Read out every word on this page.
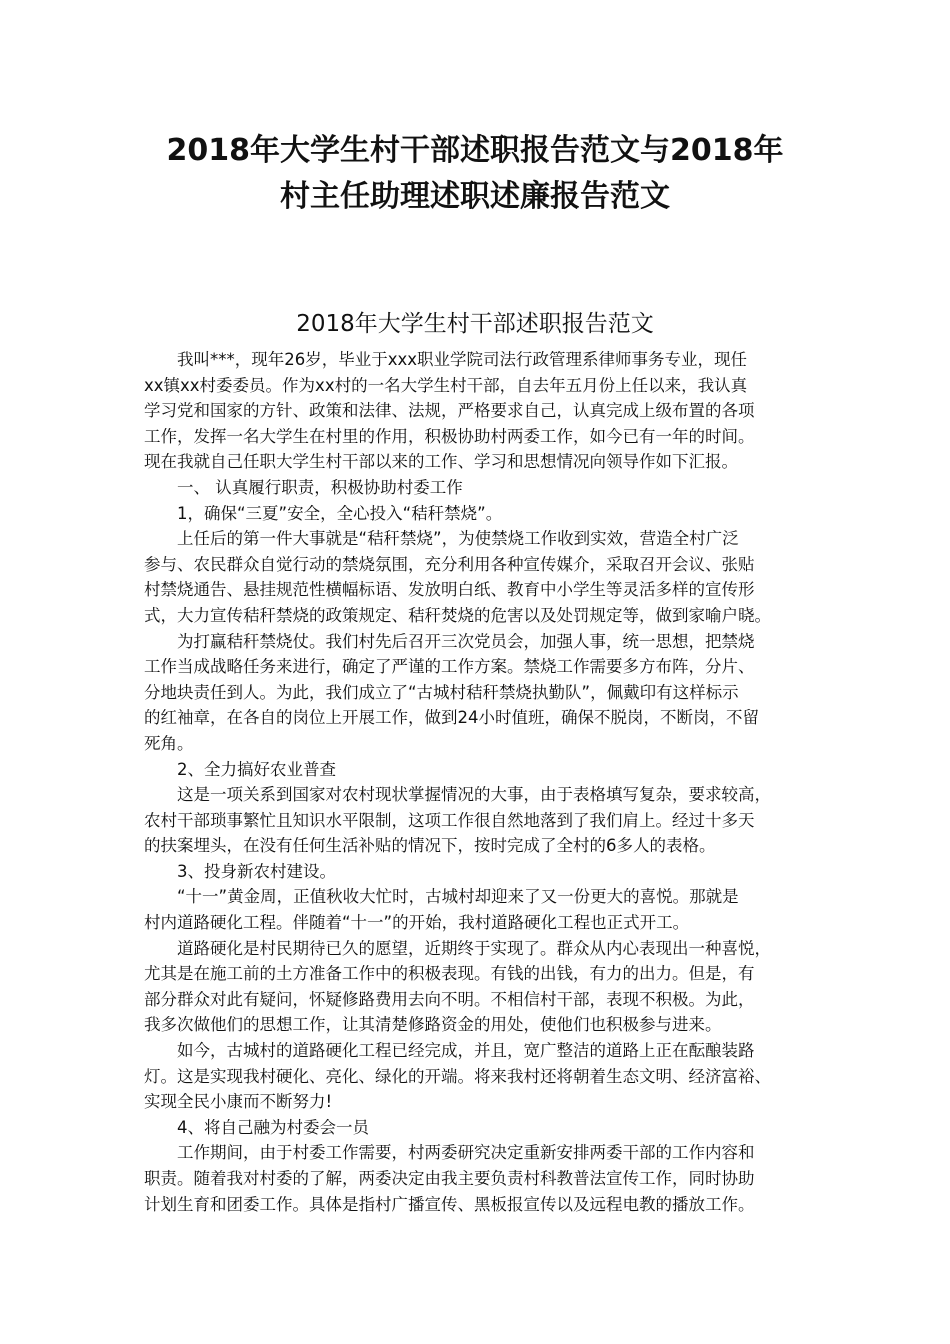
2018年大学生村干部述职报告范文与2018年
村主任助理述职述廉报告范文
2018年大学生村干部述职报告范文

我叫***，现年26岁，毕业于xxx职业学院司法行政管理系律师事务专业，现任

xx镇xx村委委员。作为xx村的一名大学生村干部，自去年五月份上任以来，我认真

学习党和国家的方针、政策和法律、法规，严格要求自己，认真完成上级布置的各项

工作，发挥一名大学生在村里的作用，积极协助村两委工作，如今已有一年的时间。

现在我就自己任职大学生村干部以来的工作、学习和思想情况向领导作如下汇报。

一、 认真履行职责，积极协助村委工作

1，确保“三夏”安全，全心投入“秸秆禁烧”。

上任后的第一件大事就是“秸秆禁烧”，为使禁烧工作收到实效，营造全村广泛

参与、农民群众自觉行动的禁烧氛围，充分利用各种宣传媒介，采取召开会议、张贴

村禁烧通告、悬挂规范性横幅标语、发放明白纸、教育中小学生等灵活多样的宣传形

式，大力宣传秸秆禁烧的政策规定、秸秆焚烧的危害以及处罚规定等，做到家喻户晓。

为打赢秸秆禁烧仗。我们村先后召开三次党员会，加强人事，统一思想，把禁烧

工作当成战略任务来进行，确定了严谨的工作方案。禁烧工作需要多方布阵，分片、

分地块责任到人。为此，我们成立了“古城村秸秆禁烧执勤队”，佩戴印有这样标示

的红袖章，在各自的岗位上开展工作，做到24小时值班，确保不脱岗，不断岗，不留

死角。

2、全力搞好农业普查

这是一项关系到国家对农村现状掌握情况的大事，由于表格填写复杂，要求较高，

农村干部琐事繁忙且知识水平限制，这项工作很自然地落到了我们肩上。经过十多天

的扶案埋头，在没有任何生活补贴的情况下，按时完成了全村的6多人的表格。

3、投身新农村建设。

“十一”黄金周，正值秋收大忙时，古城村却迎来了又一份更大的喜悦。那就是

村内道路硬化工程。伴随着“十一”的开始，我村道路硬化工程也正式开工。

道路硬化是村民期待已久的愿望，近期终于实现了。群众从内心表现出一种喜悦，

尤其是在施工前的土方准备工作中的积极表现。有钱的出钱，有力的出力。但是，有

部分群众对此有疑问，怀疑修路费用去向不明。不相信村干部，表现不积极。为此，

我多次做他们的思想工作，让其清楚修路资金的用处，使他们也积极参与进来。

如今，古城村的道路硬化工程已经完成，并且，宽广整洁的道路上正在酝酿装路

灯。这是实现我村硬化、亮化、绿化的开端。将来我村还将朝着生态文明、经济富裕、

实现全民小康而不断努力!

4、将自己融为村委会一员

工作期间，由于村委工作需要，村两委研究决定重新安排两委干部的工作内容和

职责。随着我对村委的了解，两委决定由我主要负责村科教普法宣传工作，同时协助

计划生育和团委工作。具体是指村广播宣传、黑板报宣传以及远程电教的播放工作。
